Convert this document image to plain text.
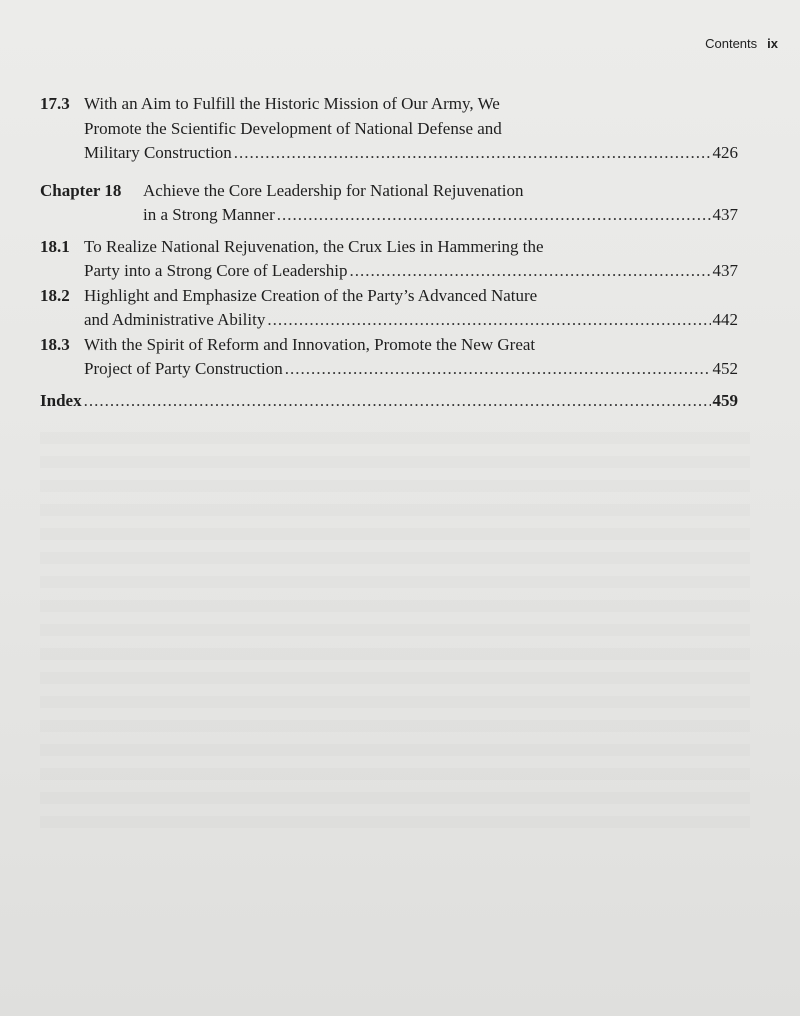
Contents ix
17.3 With an Aim to Fulfill the Historic Mission of Our Army, We
Promote the Scientific Development of National Defense and
Military Construction .....	426
Chapter 18	Achieve the Core Leadership for National Rejuvenation
in a Strong Manner .....	437
18.1 To Realize National Rejuvenation, the Crux Lies in Hammering the
Party into a Strong Core of Leadership .....	437
18.2 Highlight and Emphasize Creation of the Party’s Advanced Nature
and Administrative Ability .....	442
18.3 With the Spirit of Reform and Innovation, Promote the New Great
Project of Party Construction .....	452
Index .....	459
